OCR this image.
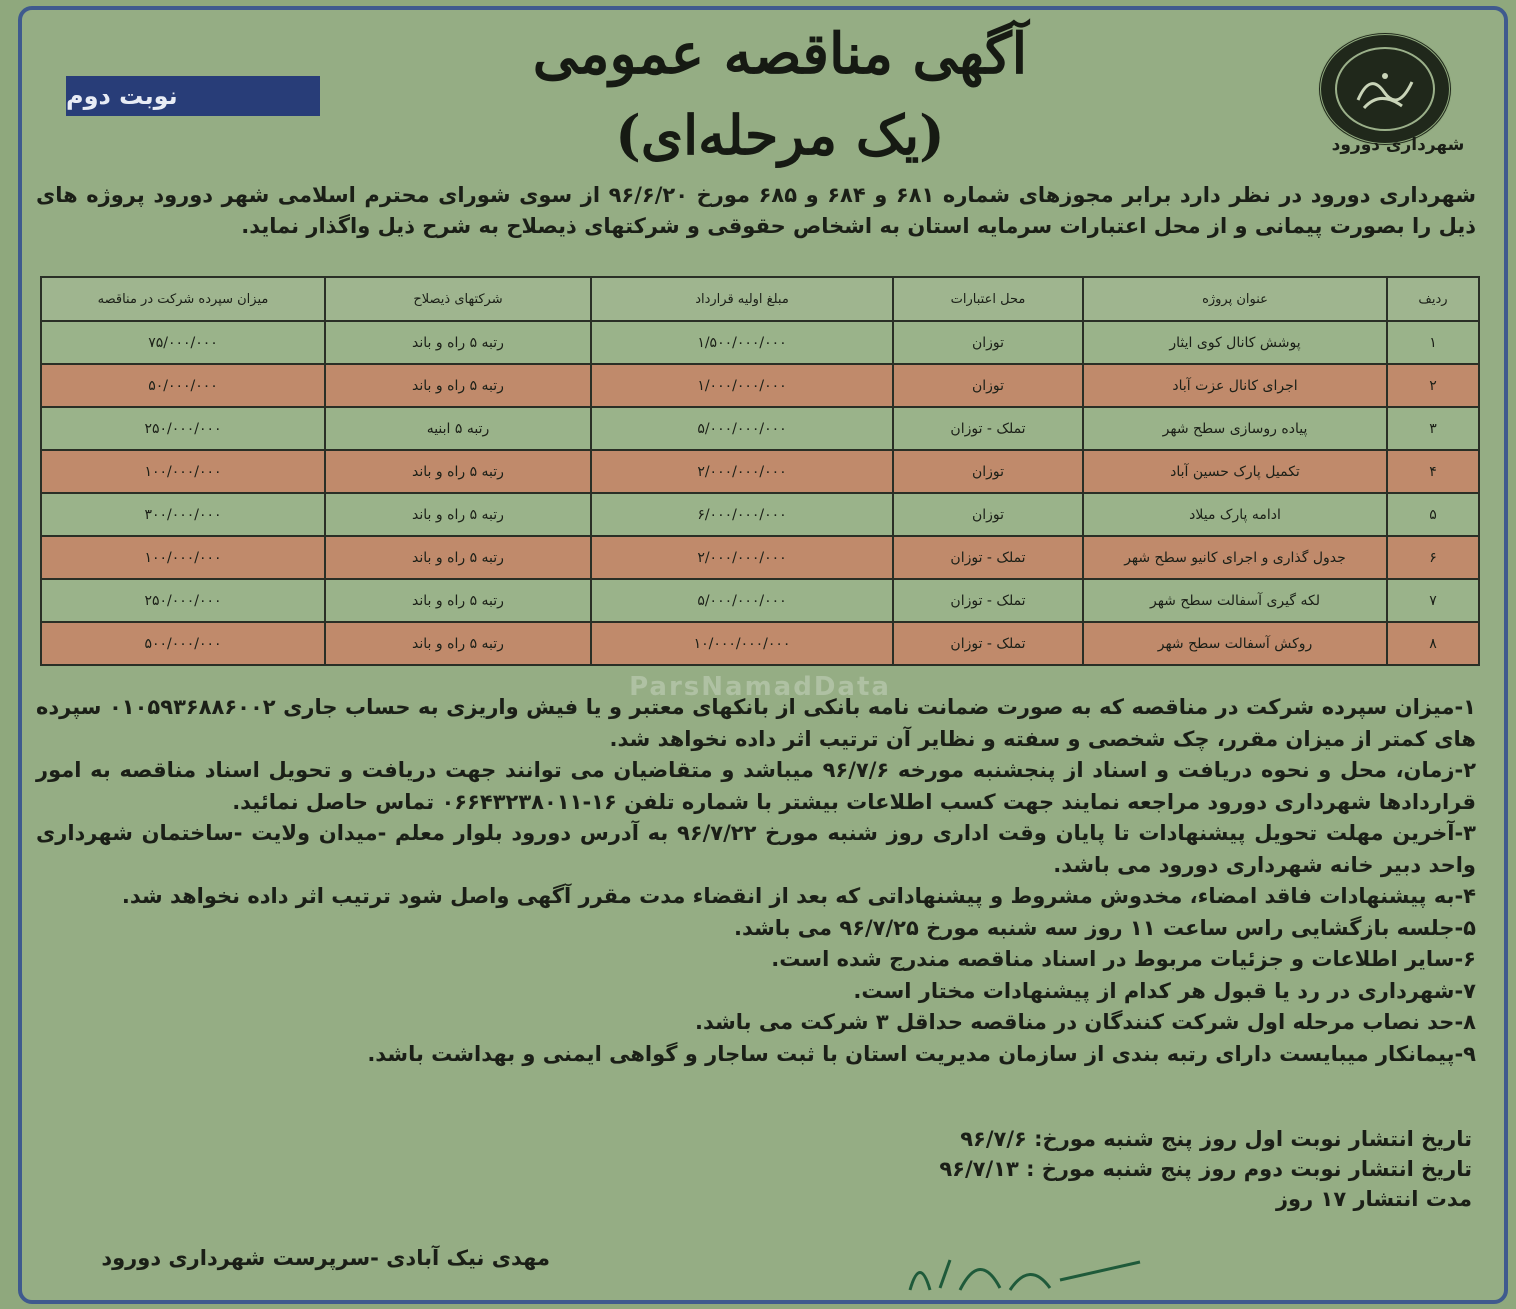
شهرداری دورود
آگهی مناقصه عمومی
(یک مرحله‌ای)
نوبت دوم
شهرداری دورود در نظر دارد برابر مجوزهای شماره ۶۸۱ و ۶۸۴ و ۶۸۵ مورخ ۹۶/۶/۲۰ از سوی شورای محترم اسلامی شهر دورود پروژه های ذیل را بصورت پیمانی و از محل اعتبارات سرمایه استان به اشخاص حقوقی و شرکتهای ذیصلاح به شرح ذیل واگذار نماید.
ردیف	عنوان پروژه	محل اعتبارات	مبلغ اولیه قرارداد	شرکتهای ذیصلاح	میزان سپرده شرکت در مناقصه
۱	پوشش کانال کوی ایثار	توزان	۱/۵۰۰/۰۰۰/۰۰۰	رتبه ۵ راه و باند	۷۵/۰۰۰/۰۰۰
۲	اجرای کانال عزت آباد	توزان	۱/۰۰۰/۰۰۰/۰۰۰	رتبه ۵ راه و باند	۵۰/۰۰۰/۰۰۰
۳	پیاده روسازی سطح شهر	تملک - توزان	۵/۰۰۰/۰۰۰/۰۰۰	رتبه ۵ ابنیه	۲۵۰/۰۰۰/۰۰۰
۴	تکمیل پارک حسین آباد	توزان	۲/۰۰۰/۰۰۰/۰۰۰	رتبه ۵ راه و باند	۱۰۰/۰۰۰/۰۰۰
۵	ادامه پارک میلاد	توزان	۶/۰۰۰/۰۰۰/۰۰۰	رتبه ۵ راه و باند	۳۰۰/۰۰۰/۰۰۰
۶	جدول گذاری و اجرای کانیو سطح شهر	تملک - توزان	۲/۰۰۰/۰۰۰/۰۰۰	رتبه ۵ راه و باند	۱۰۰/۰۰۰/۰۰۰
۷	لکه گیری آسفالت سطح شهر	تملک - توزان	۵/۰۰۰/۰۰۰/۰۰۰	رتبه ۵ راه و باند	۲۵۰/۰۰۰/۰۰۰
۸	روکش آسفالت سطح شهر	تملک - توزان	۱۰/۰۰۰/۰۰۰/۰۰۰	رتبه ۵ راه و باند	۵۰۰/۰۰۰/۰۰۰
ParsNamadData
۱-میزان سپرده شرکت در مناقصه که به صورت ضمانت نامه بانکی از بانکهای معتبر و یا فیش واریزی به حساب جاری ۰۱۰۵۹۳۶۸۸۶۰۰۲ سپرده های کمتر از میزان مقرر، چک شخصی و سفته و نظایر آن ترتیب اثر داده نخواهد شد.
۲-زمان، محل و نحوه دریافت و اسناد از پنجشنبه مورخه ۹۶/۷/۶ میباشد و متقاضیان می توانند جهت دریافت و تحویل اسناد مناقصه به امور قراردادها شهرداری دورود مراجعه نمایند جهت کسب اطلاعات بیشتر با شماره تلفن ۱۶-۰۶۶۴۳۲۳۸۰۱۱ تماس حاصل نمائید.
۳-آخرین مهلت تحویل پیشنهادات تا پایان وقت اداری روز شنبه مورخ ۹۶/۷/۲۲ به آدرس دورود بلوار معلم -میدان ولایت -ساختمان شهرداری واحد دبیر خانه شهرداری دورود می باشد.
۴-به پیشنهادات فاقد امضاء، مخدوش مشروط و پیشنهاداتی که بعد از انقضاء مدت مقرر آگهی واصل شود ترتیب اثر داده نخواهد شد.
۵-جلسه بازگشایی راس ساعت ۱۱ روز سه شنبه مورخ ۹۶/۷/۲۵ می باشد.
۶-سایر اطلاعات و جزئیات مربوط در اسناد مناقصه مندرج شده است.
۷-شهرداری در رد یا قبول هر کدام از پیشنهادات مختار است.
۸-حد نصاب مرحله اول شرکت کنندگان در مناقصه حداقل ۳ شرکت می باشد.
۹-پیمانکار میبایست دارای رتبه بندی از سازمان مدیریت استان با ثبت ساجار و گواهی ایمنی و بهداشت باشد.
تاریخ انتشار نوبت اول روز پنج شنبه مورخ: ۹۶/۷/۶
تاریخ انتشار نوبت دوم روز پنج شنبه مورخ : ۹۶/۷/۱۳
مدت انتشار ۱۷ روز
مهدی نیک آبادی -سرپرست شهرداری دورود
